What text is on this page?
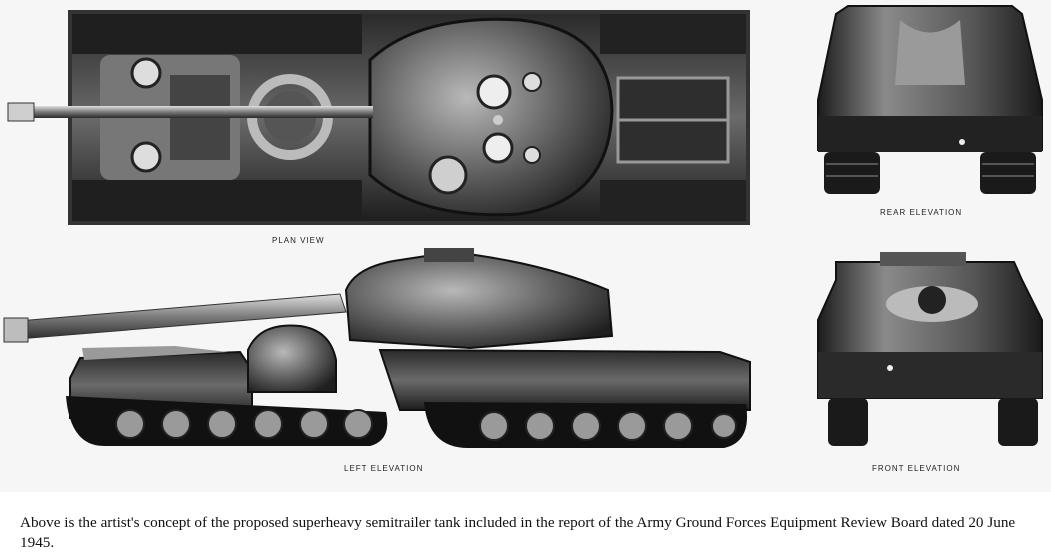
PLAN VIEW
REAR ELEVATION
LEFT ELEVATION	FRONT ELEVATION
Above is the artist's concept of the proposed superheavy semitrailer tank included in the report of the Army Ground Forces Equipment Review Board dated 20 June 1945.
